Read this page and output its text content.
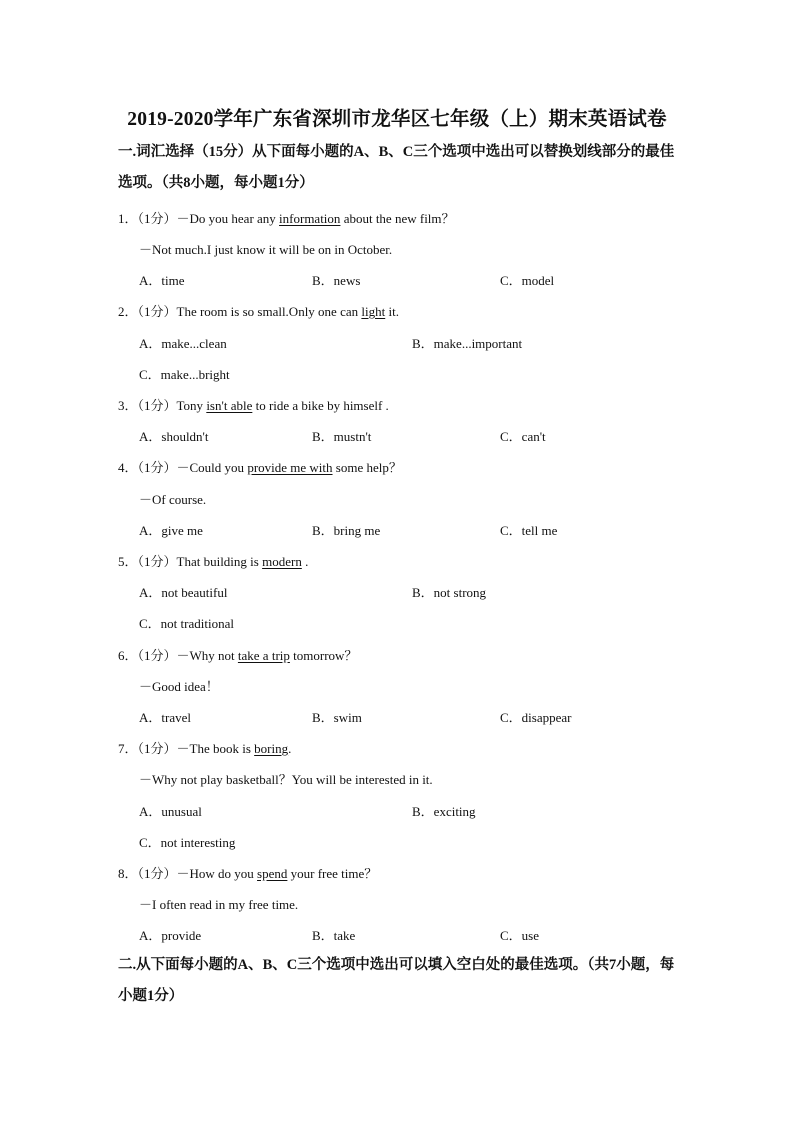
2019-2020学年广东省深圳市龙华区七年级（上）期末英语试卷
一.词汇选择（15分）从下面每小题的A、B、C三个选项中选出可以替换划线部分的最佳
选项。（共8小题，每小题1分）
1．（1分）－Do you hear any information about the new film？
－Not much.I just know it will be on in October.
A．time	B．news	C．model
2．（1分）The room is so small.Only one can light it.
A．make...clean	B．make...important
C．make...bright
3．（1分）Tony isn't able to ride a bike by himself .
A．shouldn't	B．mustn't	C．can't
4．（1分）－Could you provide me with some help？
－Of course.
A．give me	B．bring me	C．tell me
5．（1分）That building is modern .
A．not beautiful	B．not strong
C．not traditional
6．（1分）－Why not take a trip tomorrow？
－Good idea！
A．travel	B．swim	C．disappear
7．（1分）－The book is boring.
－Why not play basketball？You will be interested in it.
A．unusual	B．exciting
C．not interesting
8．（1分）－How do you spend your free time？
－I often read in my free time.
A．provide	B．take	C．use
二.从下面每小题的A、B、C三个选项中选出可以填入空白处的最佳选项。（共7小题，每
小题1分）
